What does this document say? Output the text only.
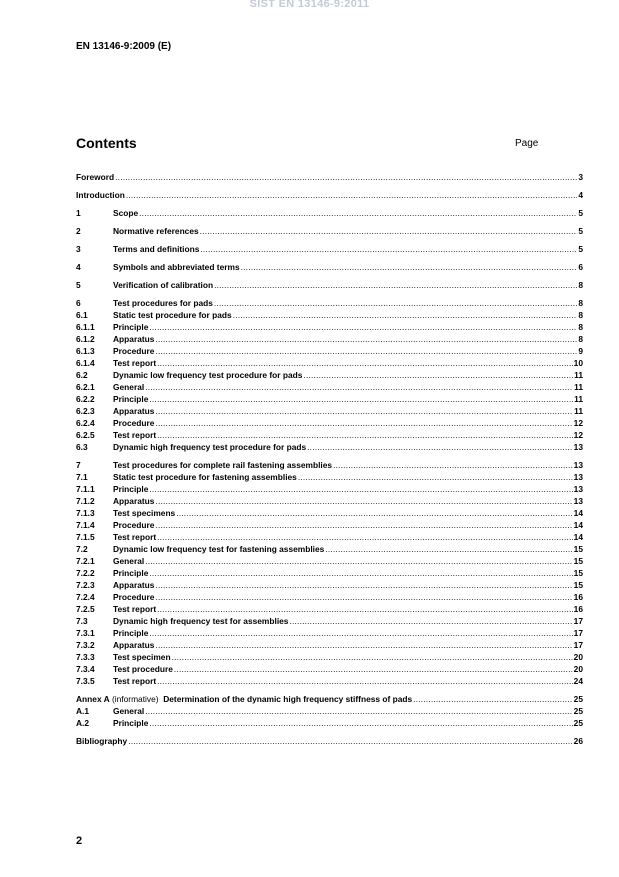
SIST EN 13146-9:2011
EN 13146-9:2009 (E)
Contents	Page
Foreword .....	3
Introduction .....	4
1	Scope .....	5
2	Normative references .....	5
3	Terms and definitions .....	5
4	Symbols and abbreviated terms .....	6
5	Verification of calibration .....	8
6	Test procedures for pads .....	8
6.1	Static test procedure for pads .....	8
6.1.1 Principle .....	8
6.1.2 Apparatus .....	8
6.1.3 Procedure .....	9
6.1.4 Test report .....	10
6.2	Dynamic low frequency test procedure for pads .....	11
6.2.1 General .....	11
6.2.2 Principle .....	11
6.2.3 Apparatus .....	11
6.2.4 Procedure .....	12
6.2.5 Test report .....	12
6.3	Dynamic high frequency test procedure for pads .....	13
7	Test procedures for complete rail fastening assemblies .....	13
7.1	Static test procedure for fastening assemblies .....	13
7.1.1 Principle .....	13
7.1.2 Apparatus .....	13
7.1.3 Test specimens .....	14
7.1.4 Procedure .....	14
7.1.5 Test report .....	14
7.2	Dynamic low frequency test for fastening assemblies .....	15
7.2.1 General .....	15
7.2.2 Principle .....	15
7.2.3 Apparatus .....	15
7.2.4 Procedure .....	16
7.2.5 Test report .....	16
7.3	Dynamic high frequency test for assemblies .....	17
7.3.1 Principle .....	17
7.3.2 Apparatus .....	17
7.3.3 Test specimen .....	20
7.3.4 Test procedure .....	20
7.3.5 Test report .....	24
Annex A (informative)  Determination of the dynamic high frequency stiffness of pads .....	25
A.1	General .....	25
A.2	Principle .....	25
Bibliography .....	26
2
